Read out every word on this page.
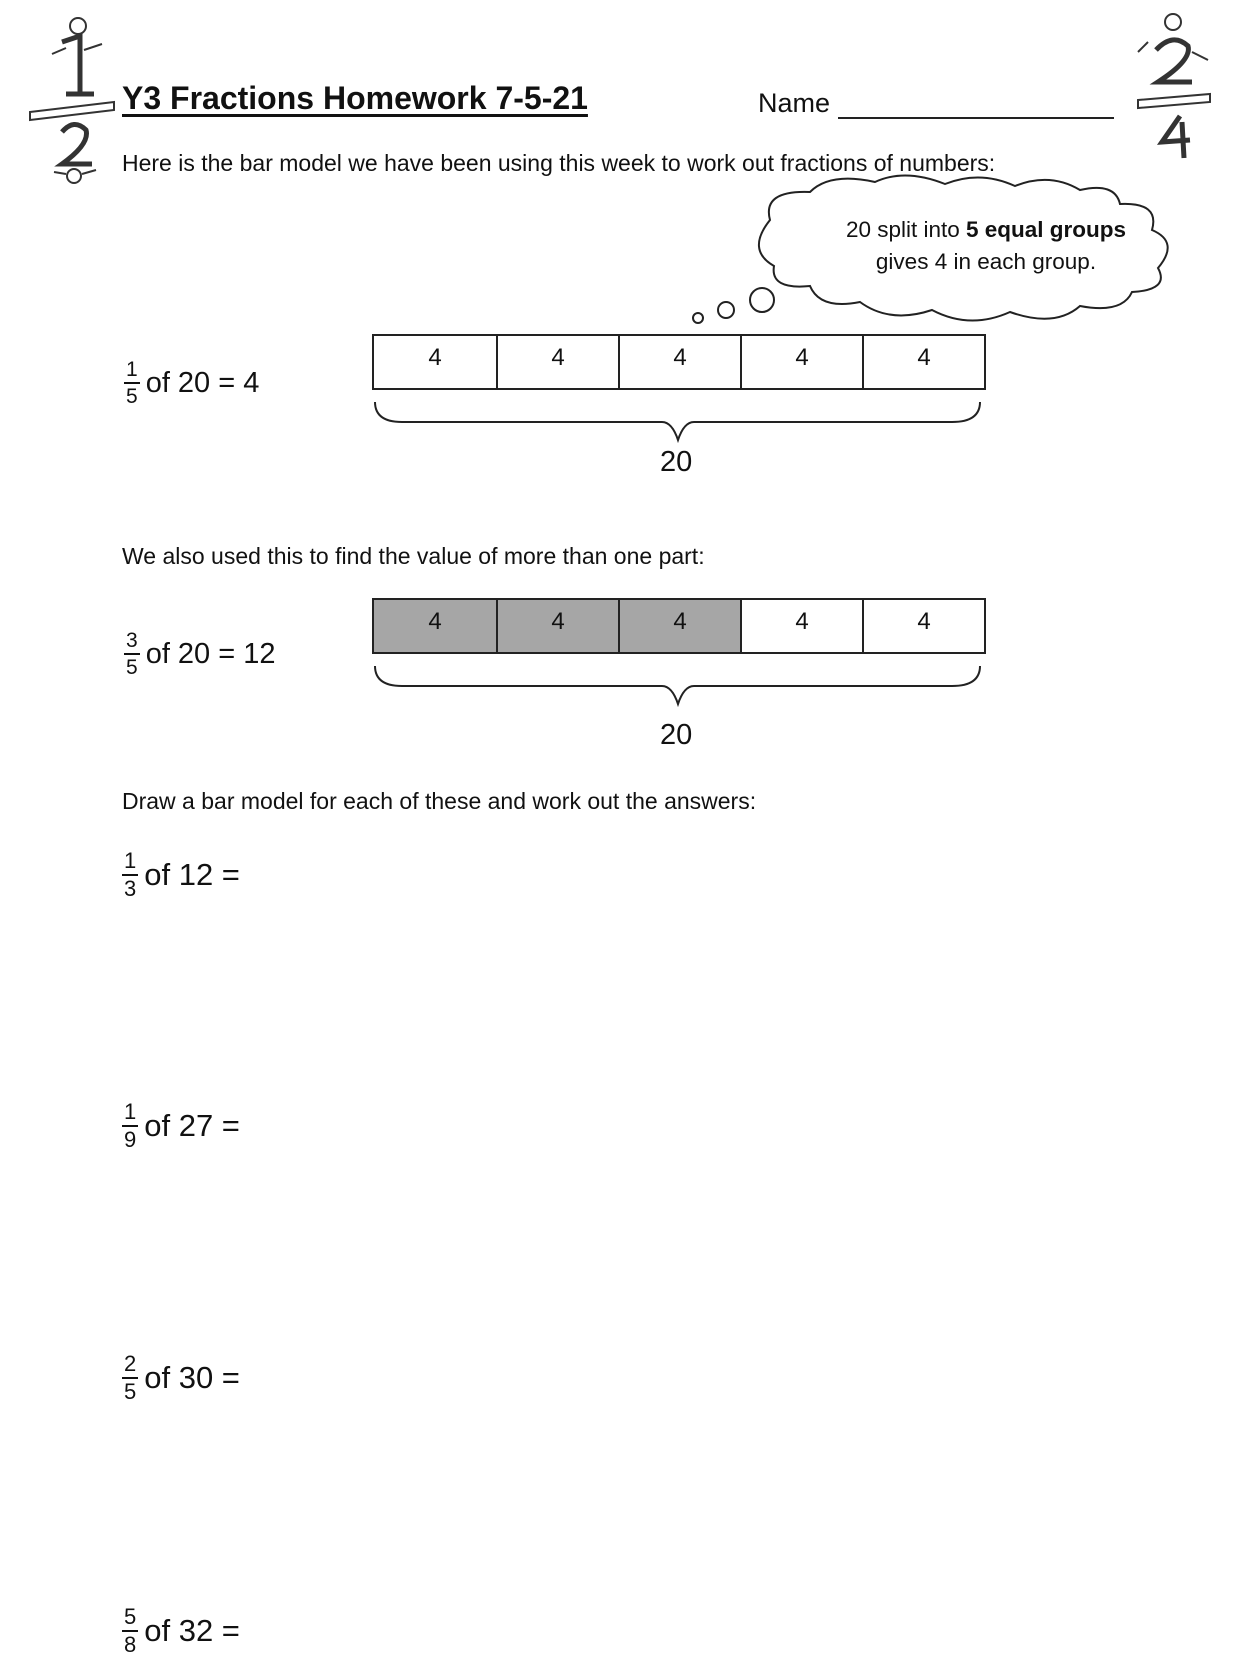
Y3 Fractions Homework 7-5-21	Name
Here is the bar model we have been using this week to work out fractions of numbers:
20 split into 5 equal groups
gives 4 in each group.
$\frac{1}{5}$ of 20 = 4
4	4	4	4	4
20
We also used this to find the value of more than one part:
$\frac{3}{5}$ of 20 = 12
4	4	4	4	4
20
Draw a bar model for each of these and work out the answers:
$\frac{1}{3}$ of 12 =
$\frac{1}{9}$ of 27 =
$\frac{2}{5}$ of 30 =
$\frac{5}{8}$ of 32 =
